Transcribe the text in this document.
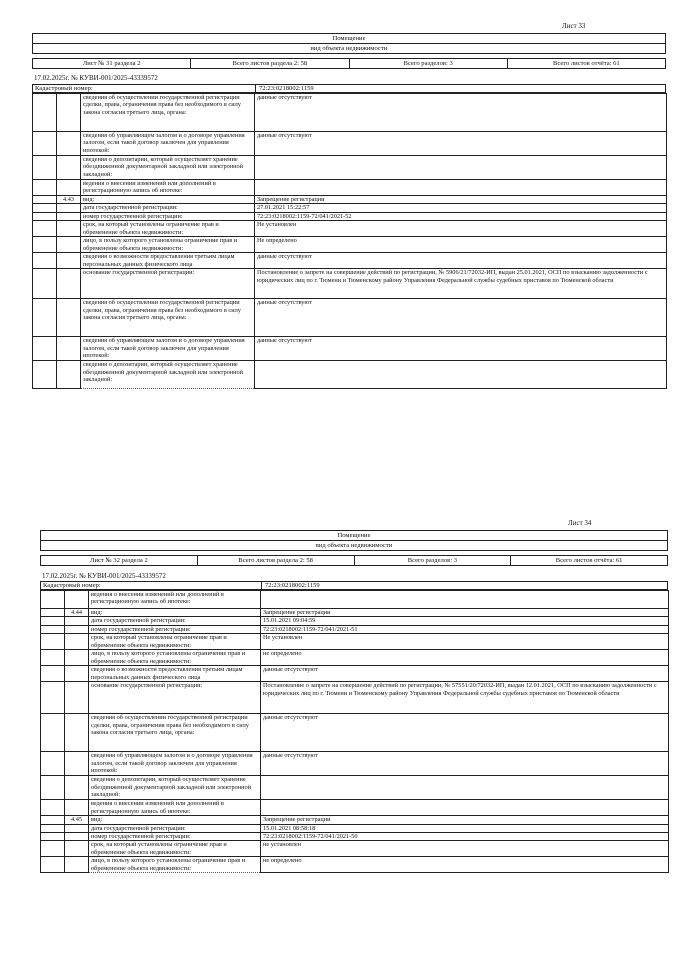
Лист 33
Помещение
вид объекта недвижимости
Лист № 31 раздела 2	Всего листов раздела 2: 58	Всего разделов: 3	Всего листов отчёта: 61
17.02.2025г. № КУВИ-001/2025-43339572
Кадастровый номер:	72:23:0218002:1159
		сведения об осуществлении государственной регистрации сделки, права, ограничения права без необходимого в силу закона согласия третьего лица, органа:	данные отсутствуют
		сведения об управляющем залогом и о договоре управления залогом, если такой договор заключен для управления ипотекой:	данные отсутствуют
		сведения о депозитарии, который осуществляет хранение обездвиженной документарной закладной или электронной закладной:	
		ведения о внесении изменений или дополнений в регистрационную запись об ипотеке:	
	4.43	вид:	Запрещение регистрации
		дата государственной регистрации:	27.01.2021 15:22:57
		номер государственной регистрации:	72:23:0218002:1159-72/041/2021-52
		срок, на который установлены ограничение прав и обременение объекта недвижимости:	Не установлен
		лицо, в пользу которого установлены ограничение прав и обременение объекта недвижимости:	Не определено
		сведения о возможности предоставления третьим лицам персональных данных физического лица	данные отсутствуют
		основание государственной регистрации:	Постановление о запрете на совершение действий по регистрации, № 5906/21/72032-ИП, выдан 25.01.2021, ОСП по взысканию задолженности с юридических лиц по г. Тюмени и Тюменскому району Управления Федеральной службы судебных приставов по Тюменской области
		сведения об осуществлении государственной регистрации сделки, права, ограничения права без необходимого в силу закона согласия третьего лица, органа:	данные отсутствуют
		сведения об управляющем залогом и о договоре управления залогом, если такой договор заключен для управления ипотекой:	данные отсутствуют
		сведения о депозитарии, который осуществляет хранение обездвиженной документарной закладной или электронной закладной:	
Лист 34
Помещение
вид объекта недвижимости
Лист № 32 раздела 2	Всего листов раздела 2: 58	Всего разделов: 3	Всего листов отчёта: 61
17.02.2025г. № КУВИ-001/2025-43339572
Кадастровый номер:	72:23:0218002:1159
		ведения о внесении изменений или дополнений в регистрационную запись об ипотеке:	
	4.44	вид:	Запрещение регистрации
		дата государственной регистрации:	15.01.2021 09:04:59
		номер государственной регистрации:	72:23:0218002:1159-72/041/2021-51
		срок, на который установлены ограничение прав и обременение объекта недвижимости:	Не установлен
		лицо, в пользу которого установлены ограничение прав и обременение объекта недвижимости:	не определено
		сведения о возможности предоставления третьим лицам персональных данных физического лица	данные отсутствуют
		основание государственной регистрации:	Постановление о запрете на совершение действий по регистрации, № 57551/20/72032-ИП, выдан 12.01.2021, ОСП по взысканию задолженности с юридических лиц по г. Тюмени и Тюменскому району Управления Федеральной службы судебных приставов по Тюменской области
		сведения об осуществлении государственной регистрации сделки, права, ограничения права без необходимого в силу закона согласия третьего лица, органа:	данные отсутствуют
		сведения об управляющем залогом и о договоре управления залогом, если такой договор заключен для управления ипотекой:	данные отсутствуют
		сведения о депозитарии, который осуществляет хранение обездвиженной документарной закладной или электронной закладной:	
		ведения о внесении изменений или дополнений в регистрационную запись об ипотеке:	
	4.45	вид:	Запрещение регистрации
		дата государственной регистрации:	15.01.2021 08:58:18
		номер государственной регистрации:	72:23:0218002:1159-72/041/2021-50
		срок, на который установлены ограничение прав и обременение объекта недвижимости:	не установлен
		лицо, в пользу которого установлены ограничение прав и обременение объекта недвижимости:	не определено
